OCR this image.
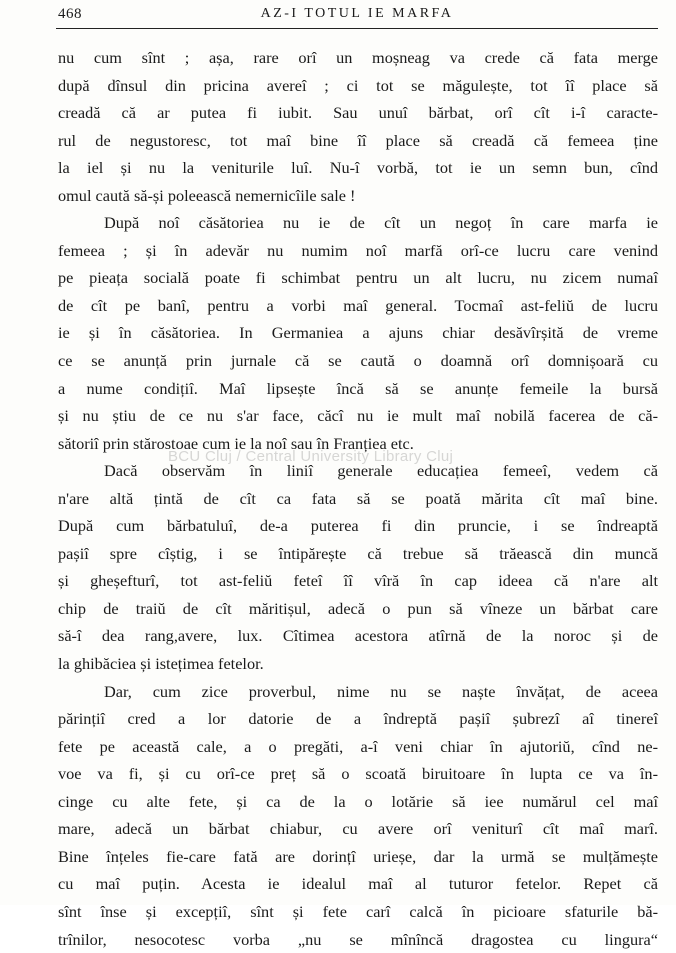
468	AZ-I TOTUL IE MARFA
nu cum sînt ; așa, rare orî un moșneag va crede că fata merge
după dînsul din pricina avereî ; ci tot se măgulește, tot îî place să
creadă că ar putea fi iubit. Sau unuî bărbat, orî cît i-î caracte-
rul de negustoresc, tot maî bine îî place să creadă că femeea ține
la iel și nu la veniturile luî. Nu-î vorbă, tot ie un semn bun, cînd
omul caută să-și poleească nemernicîile sale !
După noî căsătoriea nu ie de cît un negoț în care marfa ie
femeea ; și în adevăr nu numim noî marfă orî-ce lucru care venind
pe pieața socială poate fi schimbat pentru un alt lucru, nu zicem numaî
de cît pe banî, pentru a vorbi maî general. Tocmaî ast-feliŭ de lucru
ie și în căsătoriea. In Germaniea a ajuns chiar desăvîrșită de vreme
ce se anunță prin jurnale că se caută o doamnă orî domnișoară cu
a nume condițiî. Maî lipsește încă să se anunțe femeile la bursă
și nu știu de ce nu s'ar face, căcî nu ie mult maî nobilă facerea de că-
sătoriî prin stărostoae cum ie la noî sau în Franțiea etc.
Dacă observăm în liniî generale educațiea femeeî, vedem că
n'are altă țintă de cît ca fata să se poată mărita cît maî bine.
După cum bărbatuluî, de-a puterea fi din pruncie, i se îndreaptă
pașiî spre cîștig, i se întipărește că trebue să trăească din muncă
și gheșefturî, tot ast-feliŭ feteî îî vîră în cap ideea că n'are alt
chip de traiŭ de cît măritișul, adecă o pun să vîneze un bărbat care
să-î dea rang,avere, lux. Cîtimea acestora atîrnă de la noroc și de
la ghibăciea și istețimea fetelor.
Dar, cum zice proverbul, nime nu se naște învățat, de aceea
părințiî cred a lor datorie de a îndreptă pașiî șubrezî aî tinereî
fete pe această cale, a o pregăti, a-î veni chiar în ajutoriŭ, cînd ne-
voe va fi, și cu orî-ce preț să o scoată biruitoare în lupta ce va în-
cinge cu alte fete, și ca de la o lotărie să iee numărul cel maî
mare, adecă un bărbat chiabur, cu avere orî veniturî cît maî marî.
Bine înțeles fie-care fată are dorințî urieșe, dar la urmă se mulțămește
cu maî puțin. Acesta ie idealul maî al tuturor fetelor. Repet că
sînt înse și excepțiî, sînt și fete carî calcă în picioare sfaturile bă-
trînilor, nesocotesc vorba „nu se mînîncă dragostea cu lingura“
BCU Cluj / Central University Library Cluj
